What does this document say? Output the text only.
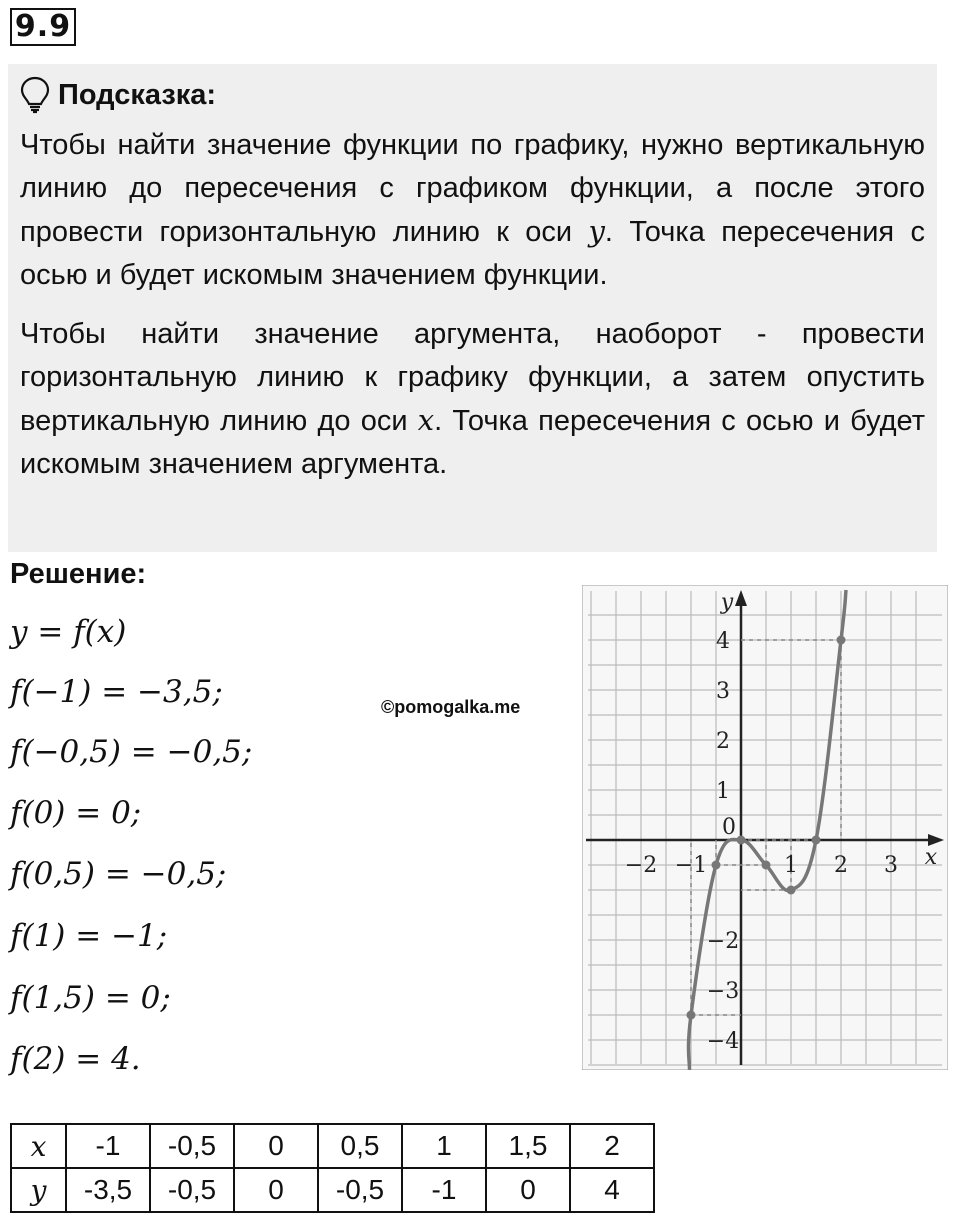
9.9
Подсказка:

Чтобы найти значение функции по графику, нужно вертикальную линию до пересечения с графиком функции, а после этого провести горизонтальную линию к оси y. Точка пересечения с осью и будет искомым значением функции.

Чтобы найти значение аргумента, наоборот - провести горизонтальную линию к графику функции, а затем опустить вертикальную линию до оси x. Точка пересечения с осью и будет искомым значением аргумента.

Решение:
y = f(x)
f(−1) = −3,5;
f(−0,5) = −0,5;
f(0) = 0;
f(0,5) = −0,5;
f(1) = −1;
f(1,5) = 0;
f(2) = 4.
©pomogalka.me
−2 −1	1 2 3
4
3
2
1
−2
−3
−4
0
x
y
x	-1	-0,5	0	0,5	1	1,5	2
y	-3,5	-0,5	0	-0,5	-1	0	4
